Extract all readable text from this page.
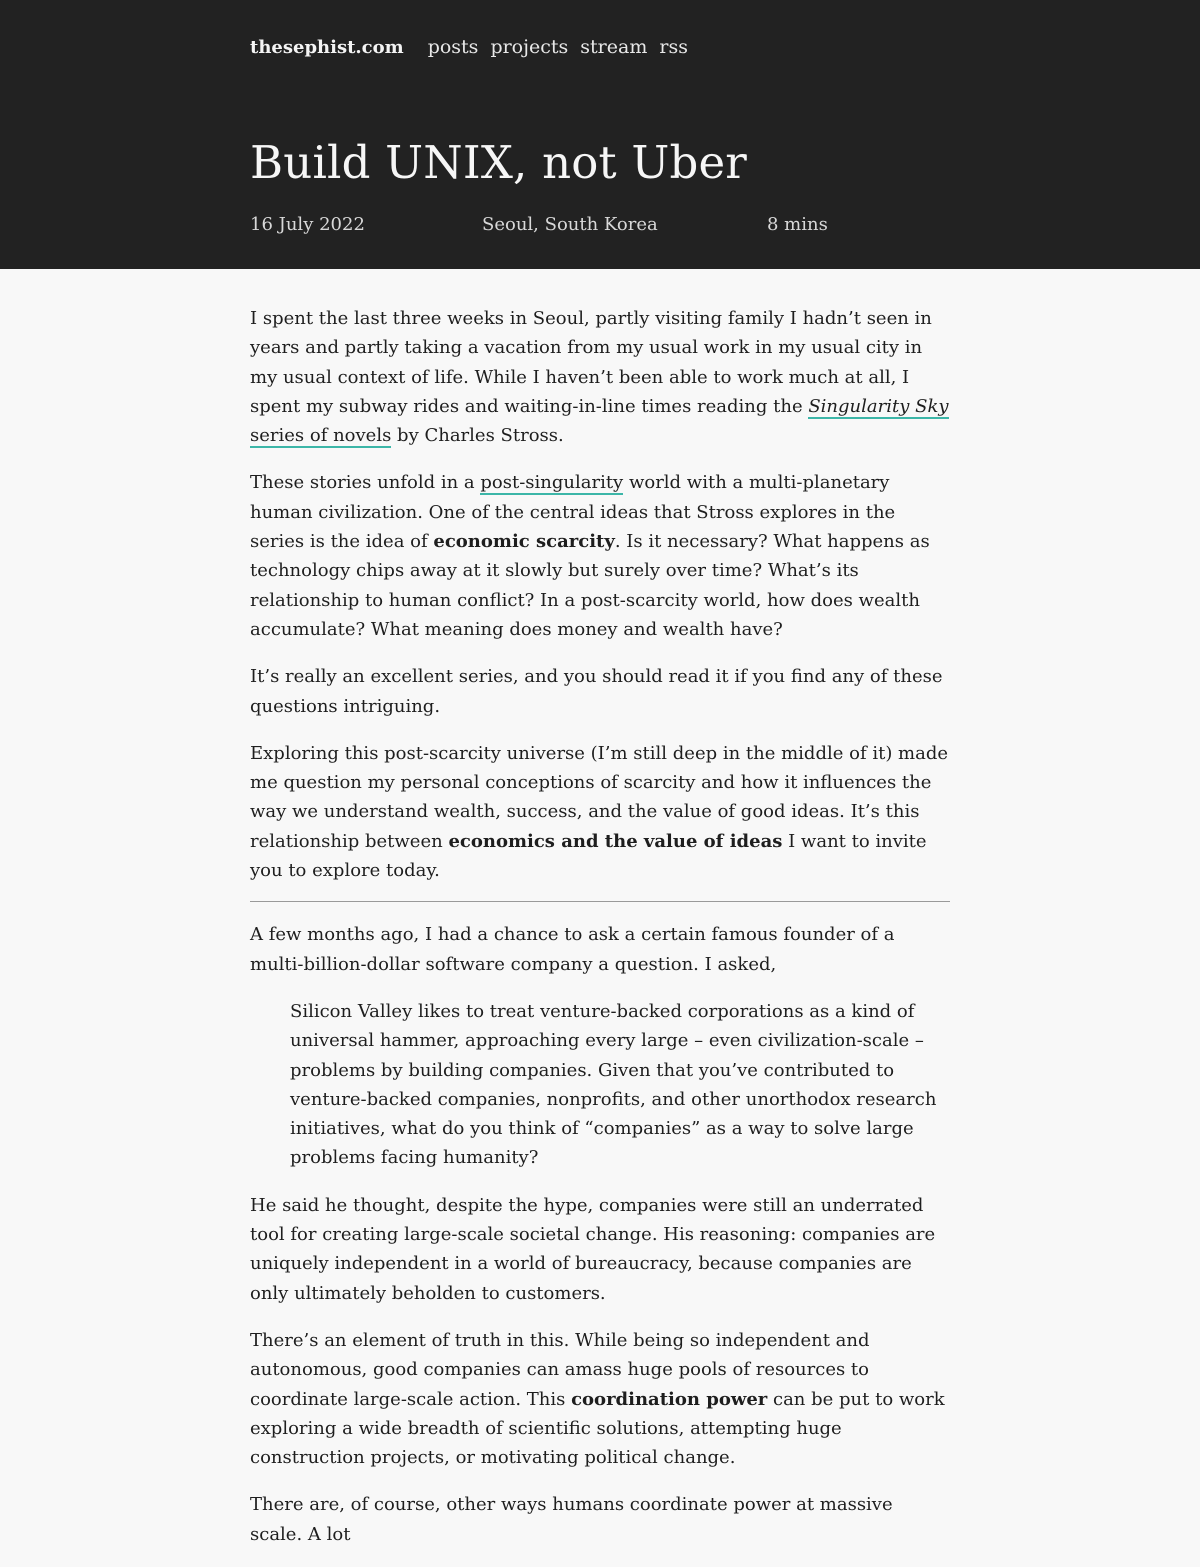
thesephist.com posts projects stream rss
Build UNIX, not Uber
16 July 2022	Seoul, South Korea	8 mins

I spent the last three weeks in Seoul, partly visiting family I hadn’t seen in years and partly taking a vacation from my usual work in my usual city in my usual context of life. While I haven’t been able to work much at all, I spent my subway rides and waiting-in-line times reading the Singularity Sky series of novels by Charles Stross.

These stories unfold in a post-singularity world with a multi-planetary human civilization. One of the central ideas that Stross explores in the series is the idea of economic scarcity. Is it necessary? What happens as technology chips away at it slowly but surely over time? What’s its relationship to human conflict? In a post-scarcity world, how does wealth accumulate? What meaning does money and wealth have?

It’s really an excellent series, and you should read it if you find any of these questions intriguing.

Exploring this post-scarcity universe (I’m still deep in the middle of it) made me question my personal conceptions of scarcity and how it influences the way we understand wealth, success, and the value of good ideas. It’s this relationship between economics and the value of ideas I want to invite you to explore today.

A few months ago, I had a chance to ask a certain famous founder of a multi-billion-dollar software company a question. I asked,

Silicon Valley likes to treat venture-backed corporations as a kind of universal hammer, approaching every large – even civilization-scale – problems by building companies. Given that you’ve contributed to venture-backed companies, nonprofits, and other unorthodox research initiatives, what do you think of “companies” as a way to solve large problems facing humanity?

He said he thought, despite the hype, companies were still an underrated tool for creating large-scale societal change. His reasoning: companies are uniquely independent in a world of bureaucracy, because companies are only ultimately beholden to customers.

There’s an element of truth in this. While being so independent and autonomous, good companies can amass huge pools of resources to coordinate large-scale action. This coordination power can be put to work exploring a wide breadth of scientific solutions, attempting huge construction projects, or motivating political change.

There are, of course, other ways humans coordinate power at massive scale. A lot
